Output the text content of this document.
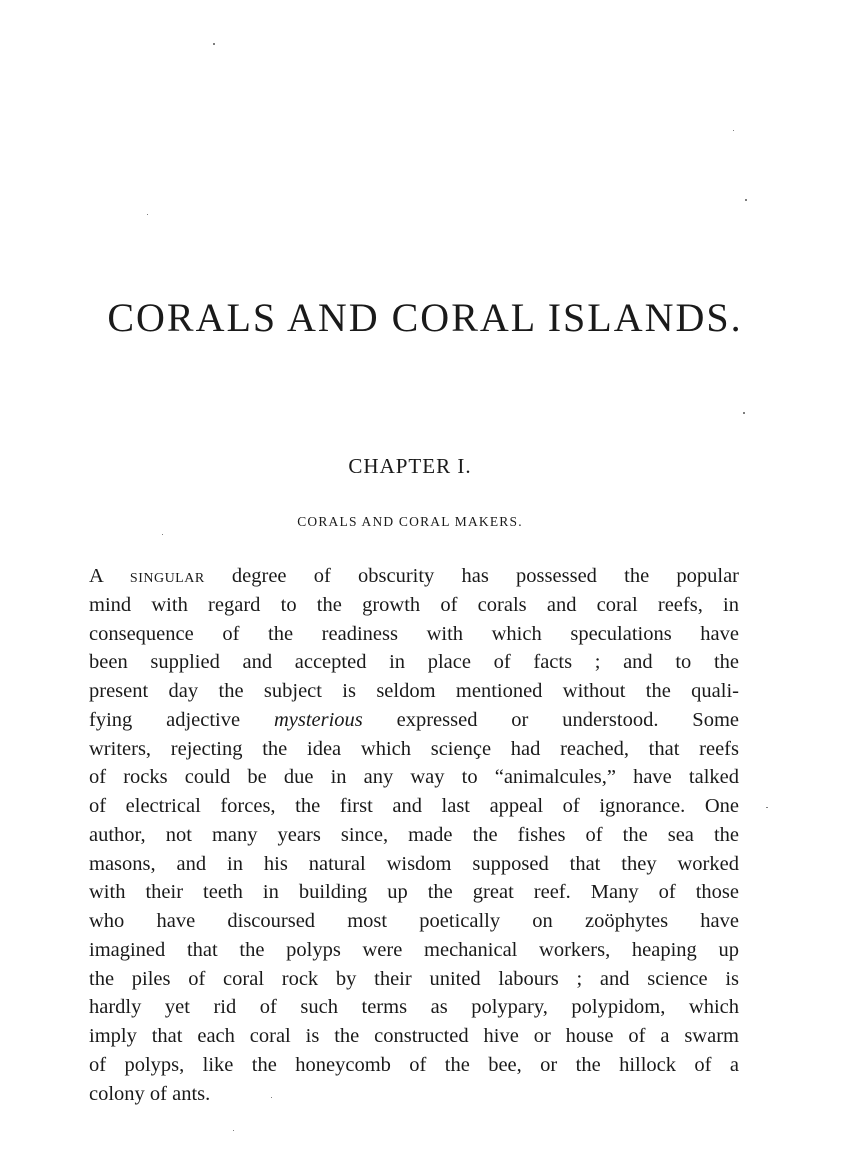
CORALS AND CORAL ISLANDS.
CHAPTER I.
CORALS AND CORAL MAKERS.

A singular degree of obscurity has possessed the popular
mind with regard to the growth of corals and coral reefs, in
consequence of the readiness with which speculations have
been supplied and accepted in place of facts ; and to the
present day the subject is seldom mentioned without the quali-
fying adjective mysterious expressed or understood. Some
writers, rejecting the idea which scienҫe had reached, that reefs
of rocks could be due in any way to “animalcules,” have talked
of electrical forces, the first and last appeal of ignorance. One
author, not many years since, made the fishes of the sea the
masons, and in his natural wisdom supposed that they worked
with their teeth in building up the great reef. Many of those
who have discoursed most poetically on zoöphytes have
imagined that the polyps were mechanical workers, heaping up
the piles of coral rock by their united labours ; and science is
hardly yet rid of such terms as polypary, polypidom, which
imply that each coral is the constructed hive or house of a swarm
of polyps, like the honeycomb of the bee, or the hillock of a
colony of ants.
